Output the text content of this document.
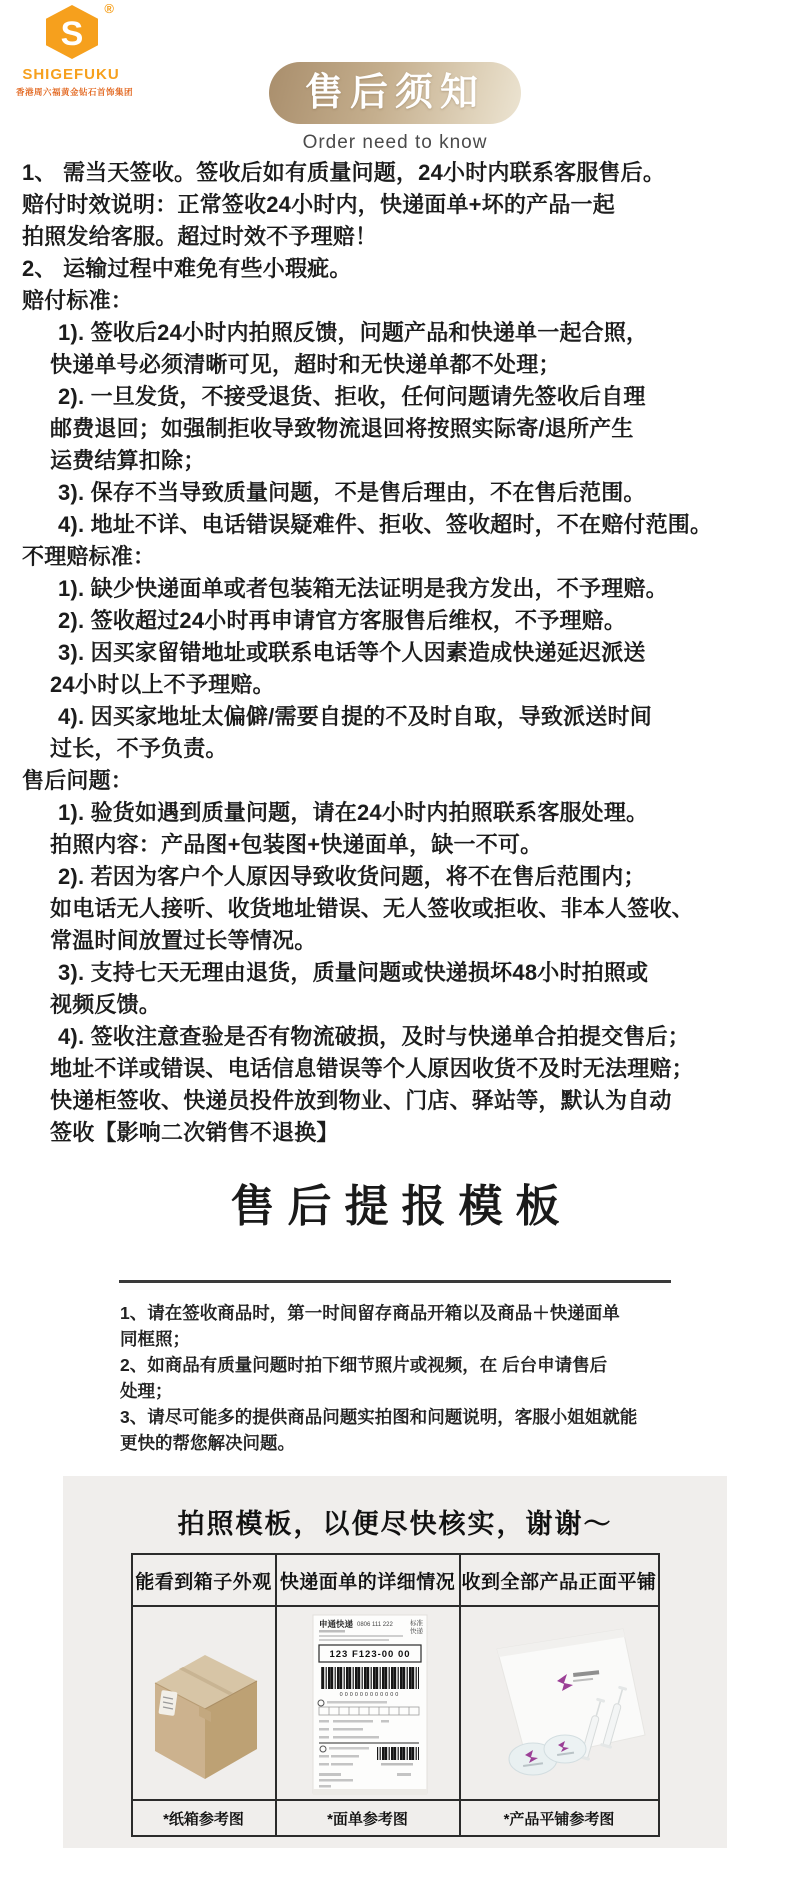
S
®
SHIGEFUKU
香港周六福黄金钻石首饰集团	售后须知
Order need to know
1、 需当天签收。签收后如有质量问题，24小时内联系客服售后。
赔付时效说明：正常签收24小时内，快递面单+坏的产品一起
拍照发给客服。超过时效不予理赔！
2、 运输过程中难免有些小瑕疵。
赔付标准：
1). 签收后24小时内拍照反馈，问题产品和快递单一起合照，
快递单号必须清晰可见，超时和无快递单都不处理；
2). 一旦发货，不接受退货、拒收，任何问题请先签收后自理
邮费退回；如强制拒收导致物流退回将按照实际寄/退所产生
运费结算扣除；
3). 保存不当导致质量问题，不是售后理由，不在售后范围。
4). 地址不详、电话错误疑难件、拒收、签收超时，不在赔付范围。
不理赔标准：
1). 缺少快递面单或者包装箱无法证明是我方发出，不予理赔。
2). 签收超过24小时再申请官方客服售后维权，不予理赔。
3). 因买家留错地址或联系电话等个人因素造成快递延迟派送
24小时以上不予理赔。
4). 因买家地址太偏僻/需要自提的不及时自取，导致派送时间
过长，不予负责。
售后问题：
1). 验货如遇到质量问题，请在24小时内拍照联系客服处理。
拍照内容：产品图+包装图+快递面单，缺一不可。
2). 若因为客户个人原因导致收货问题，将不在售后范围内；
如电话无人接听、收货地址错误、无人签收或拒收、非本人签收、
常温时间放置过长等情况。
3). 支持七天无理由退货，质量问题或快递损坏48小时拍照或
视频反馈。
4). 签收注意查验是否有物流破损，及时与快递单合拍提交售后；
地址不详或错误、电话信息错误等个人原因收货不及时无法理赔；
快递柜签收、快递员投件放到物业、门店、驿站等，默认为自动
签收【影响二次销售不退换】
售后提报模板
1、请在签收商品时，第一时间留存商品开箱以及商品＋快递面单
同框照；
2、如商品有质量问题时拍下细节照片或视频，在 后台申请售后
处理；
3、请尽可能多的提供商品问题实拍图和问题说明，客服小姐姐就能
更快的帮您解决问题。
拍照模板，以便尽快核实，谢谢～
能看到箱子外观	快递面单的详细情况	收到全部产品正面平铺

申通快递 0806 111 222	标准
快递
123 F123-00 00
000000000000

*纸箱参考图	*面单参考图	*产品平铺参考图
